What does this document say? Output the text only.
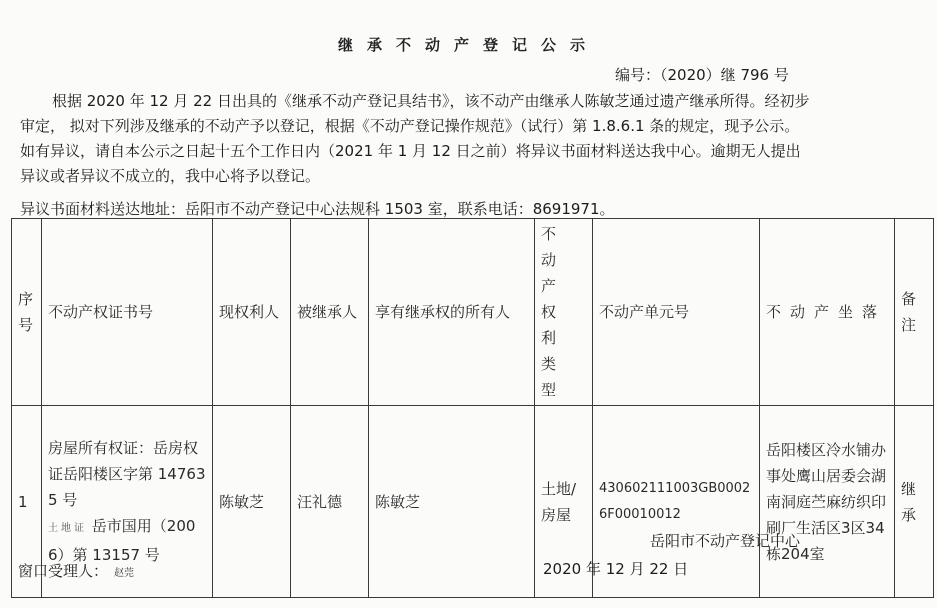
继承不动产登记公示
编号：（2020）继 796 号

根据 2020 年 12 月 22 日出具的《继承不动产登记具结书》，该不动产由继承人陈敏芝通过遗产继承所得。经初步

审定， 拟对下列涉及继承的不动产予以登记，根据《不动产登记操作规范》（试行）第 1.8.6.1 条的规定，现予公示。

如有异议，请自本公示之日起十五个工作日内（2021 年 1 月 12 日之前）将异议书面材料送达我中心。逾期无人提出

异议或者异议不成立的，我中心将予以登记。

异议书面材料送达地址：岳阳市不动产登记中心法规科 1503 室，联系电话：8691971。
序号	不动产权证书号	现权利人	被继承人	享有继承权的所有人	不动产权利类型	不动产单元号	不动产坐落	备注
1	房屋所有权证：岳房权证岳阳楼区字第 147635 号
土地证 岳市国用（2006）第 13157 号	陈敏芝	汪礼德	陈敏芝	土地/房屋	430602111003GB00026F00010012	岳阳楼区冷水铺办事处鹰山居委会湖南洞庭苎麻纺织印刷厂生活区3区34栋204室	继承
岳阳市不动产登记中心
窗口受理人： 赵莞	2020 年 12 月 22 日
